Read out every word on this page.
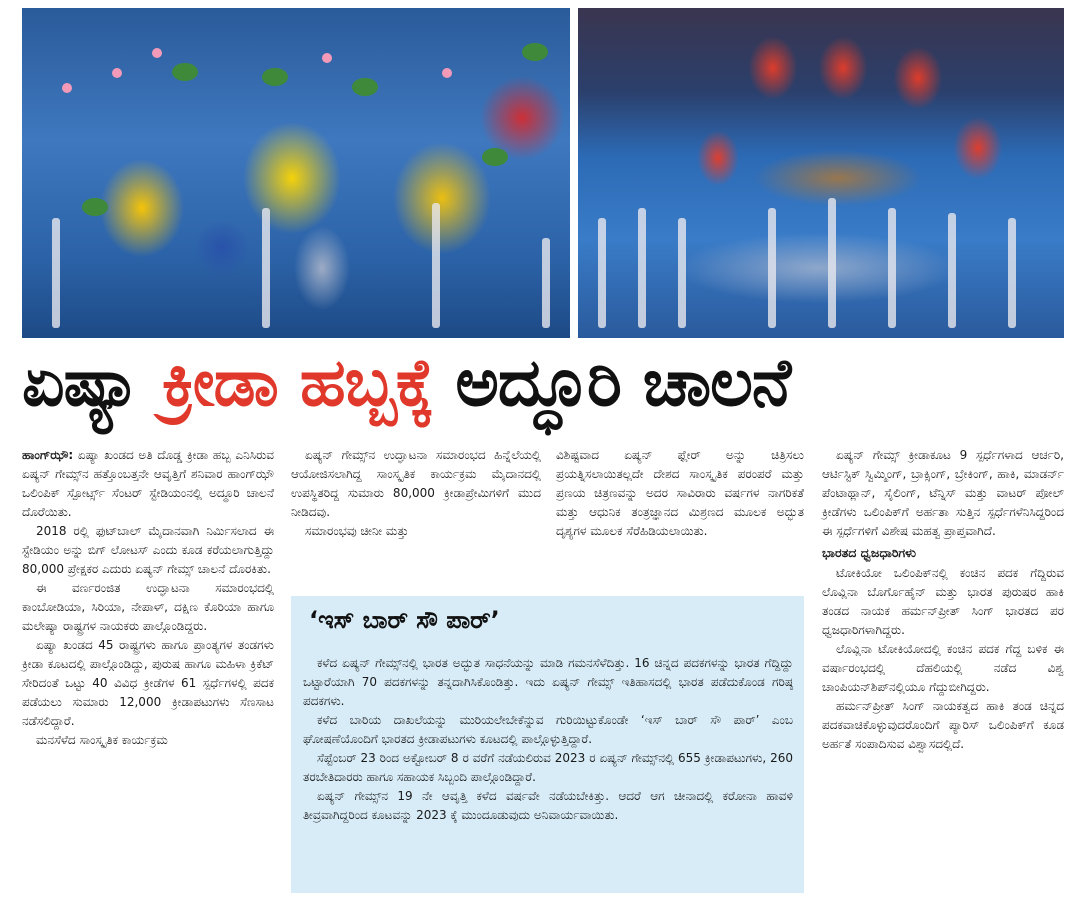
ಏಷ್ಯಾ ಕ್ರೀಡಾ ಹಬ್ಬಕ್ಕೆ ಅದ್ಧೂರಿ ಚಾಲನೆ

ಹಾಂಗ್‌ಝೌ: ಏಷ್ಯಾ ಖಂಡದ ಅತಿ ದೊಡ್ಡ ಕ್ರೀಡಾ ಹಬ್ಬ ಎನಿಸಿರುವ ಏಷ್ಯನ್ ಗೇಮ್ಸ್‌ನ ಹತ್ತೊಂಬತ್ತನೇ ಆವೃತ್ತಿಗೆ ಶನಿವಾರ ಹಾಂಗ್‌ಝೌ ಒಲಿಂಪಿಕ್ ಸ್ಪೋರ್ಟ್ಸ್ ಸೆಂಟರ್ ಸ್ಟೇಡಿಯಂನಲ್ಲಿ ಅದ್ಧೂರಿ ಚಾಲನೆ ದೊರೆಯಿತು.

2018 ರಲ್ಲಿ ಫುಟ್‌ಬಾಲ್ ಮೈದಾನವಾಗಿ ನಿರ್ಮಿಸಲಾದ ಈ ಸ್ಟೇಡಿಯಂ ಅನ್ನು ಬಿಗ್ ಲೋಟಸ್ ಎಂದು ಕೂಡ ಕರೆಯಲಾಗುತ್ತಿದ್ದು 80,000 ಪ್ರೇಕ್ಷಕರ ಎದುರು ಏಷ್ಯನ್ ಗೇಮ್ಸ್ ಚಾಲನೆ ದೊರಕಿತು.

ಈ ವರ್ಣರಂಜಿತ ಉದ್ಘಾಟನಾ ಸಮಾರಂಭದಲ್ಲಿ ಕಾಂಬೋಡಿಯಾ, ಸಿರಿಯಾ, ನೇಪಾಳ್, ದಕ್ಷಿಣ ಕೊರಿಯಾ ಹಾಗೂ ಮಲೇಷ್ಯಾ ರಾಷ್ಟ್ರಗಳ ನಾಯಕರು ಪಾಲ್ಗೊಂಡಿದ್ದರು.

ಏಷ್ಯಾ ಖಂಡದ 45 ರಾಷ್ಟ್ರಗಳು ಹಾಗೂ ಪ್ರಾಂತ್ಯಗಳ ತಂಡಗಳು ಕ್ರೀಡಾ ಕೂಟದಲ್ಲಿ ಪಾಲ್ಗೊಂಡಿದ್ದು, ಪುರುಷ ಹಾಗೂ ಮಹಿಳಾ ಕ್ರಿಕೆಟ್ ಸೇರಿದಂತೆ ಒಟ್ಟು 40 ವಿವಿಧ ಕ್ರೀಡೆಗಳ 61 ಸ್ಪರ್ಧೆಗಳಲ್ಲಿ ಪದಕ ಪಡೆಯಲು ಸುಮಾರು 12,000 ಕ್ರೀಡಾಪಟುಗಳು ಸೆಣಸಾಟ ನಡೆಸಲಿದ್ದಾರೆ.

ಮನಸೆಳೆದ ಸಾಂಸ್ಕೃತಿಕ ಕಾರ್ಯಕ್ರಮ

ಏಷ್ಯನ್ ಗೇಮ್ಸ್‌ನ ಉದ್ಘಾಟನಾ ಸಮಾರಂಭದ ಹಿನ್ನೆಲೆಯಲ್ಲಿ ಆಯೋಜಿಸಲಾಗಿದ್ದ ಸಾಂಸ್ಕೃತಿಕ ಕಾರ್ಯಕ್ರಮ ಮೈದಾನದಲ್ಲಿ ಉಪಸ್ಥಿತರಿದ್ದ ಸುಮಾರು 80,000 ಕ್ರೀಡಾಪ್ರೇಮಿಗಳಿಗೆ ಮುದ ನೀಡಿದವು.

ಸಮಾರಂಭವು ಚೀನೀ ಮತ್ತು

ವಿಶಿಷ್ಟವಾದ ಏಷ್ಯನ್ ಫ್ಲೇರ್ ಅನ್ನು ಚಿತ್ರಿಸಲು ಪ್ರಯತ್ನಿಸಲಾಯಿತಲ್ಲದೇ ದೇಶದ ಸಾಂಸ್ಕೃತಿಕ ಪರಂಪರೆ ಮತ್ತು ಪ್ರಣಯ ಚಿತ್ರಣವನ್ನು ಅದರ ಸಾವಿರಾರು ವರ್ಷಗಳ ನಾಗರಿಕತೆ ಮತ್ತು ಆಧುನಿಕ ತಂತ್ರಜ್ಞಾನದ ಮಿಶ್ರಣದ ಮೂಲಕ ಅದ್ಭುತ ದೃಶ್ಯಗಳ ಮೂಲಕ ಸೆರೆಹಿಡಿಯಲಾಯಿತು.

ಏಷ್ಯನ್ ಗೇಮ್ಸ್ ಕ್ರೀಡಾಕೂಟ 9 ಸ್ಪರ್ಧೆಗಳಾದ ಆರ್ಚರಿ, ಆರ್ಟಿಸ್ಟಿಕ್ ಸ್ವಿಮ್ಮಿಂಗ್, ಬ್ರಾಕ್ಸಿಂಗ್, ಬ್ರೇಕಿಂಗ್, ಹಾಕಿ, ಮಾಡರ್ನ್ ಪೆಂಟಾಥ್ಲಾನ್, ಸೈಲಿಂಗ್, ಟೆನ್ನಿಸ್ ಮತ್ತು ವಾಟರ್ ಪೋಲ್ ಕ್ರೀಡೆಗಳು ಒಲಿಂಪಿಕ್‌ಗೆ ಅರ್ಹತಾ ಸುತ್ತಿನ ಸ್ಪರ್ಧೆಗಳೆನಿಸಿದ್ದರಿಂದ ಈ ಸ್ಪರ್ಧೆಗಳಿಗೆ ವಿಶೇಷ ಮಹತ್ವ ಪ್ರಾಪ್ತವಾಗಿದೆ.

ಭಾರತದ ಧ್ವಜಧಾರಿಗಳು

ಟೋಕಿಯೋ ಒಲಿಂಪಿಕ್‌ನಲ್ಲಿ ಕಂಚಿನ ಪದಕ ಗೆದ್ದಿರುವ ಲೊವ್ಲಿನಾ ಬೊರ್ಗೊಹೈನ್ ಮತ್ತು ಭಾರತ ಪುರುಷರ ಹಾಕಿ ತಂಡದ ನಾಯಕ ಹರ್ಮನ್‌ಪ್ರೀತ್ ಸಿಂಗ್ ಭಾರತದ ಪರ ಧ್ವಜಧಾರಿಗಳಾಗಿದ್ದರು.

ಲೊವ್ಲಿನಾ ಟೋಕಿಯೋದಲ್ಲಿ ಕಂಚಿನ ಪದಕ ಗೆದ್ದ ಬಳಿಕ ಈ ವರ್ಷಾರಂಭದಲ್ಲಿ ದೆಹಲಿಯಲ್ಲಿ ನಡೆದ ವಿಶ್ವ ಚಾಂಪಿಯನ್‌ಶಿಪ್‌ನಲ್ಲಿಯೂ ಗೆದ್ದುಬೀಗಿದ್ದರು.

ಹರ್ಮನ್‌ಪ್ರೀತ್ ಸಿಂಗ್ ನಾಯಕತ್ವದ ಹಾಕಿ ತಂಡ ಚಿನ್ನದ ಪದಕವಾಚಿಕೊಳ್ಳುವುದರೊಂದಿಗೆ ಪ್ಯಾರಿಸ್ ಒಲಿಂಪಿಕ್‌ಗೆ ಕೂಡ ಅರ್ಹತೆ ಸಂಪಾದಿಸುವ ವಿಶ್ವಾಸದಲ್ಲಿದೆ.

‘ಇಸ್ ಬಾರ್ ಸೌ ಪಾರ್’

ಕಳೆದ ಏಷ್ಯನ್ ಗೇಮ್ಸ್‌ನಲ್ಲಿ ಭಾರತ ಅದ್ಭುತ ಸಾಧನೆಯನ್ನು ಮಾಡಿ ಗಮನಸೆಳೆದಿತ್ತು. 16 ಚಿನ್ನದ ಪದಕಗಳನ್ನು ಭಾರತ ಗೆದ್ದಿದ್ದು ಒಟ್ಟಾರೆಯಾಗಿ 70 ಪದಕಗಳನ್ನು ತನ್ನದಾಗಿಸಿಕೊಂಡಿತ್ತು. ಇದು ಏಷ್ಯನ್ ಗೇಮ್ಸ್ ಇತಿಹಾಸದಲ್ಲಿ ಭಾರತ ಪಡೆದುಕೊಂಡ ಗರಿಷ್ಠ ಪದಕಗಳು.

ಕಳೆದ ಬಾರಿಯ ದಾಖಲೆಯನ್ನು ಮುರಿಯಲೇಬೇಕೆನ್ನುವ ಗುರಿಯಿಟ್ಟುಕೊಂಡೇ ‘ಇಸ್ ಬಾರ್ ಸೌ ಪಾರ್’ ಎಂಬ ಘೋಷಣೆಯೊಂದಿಗೆ ಭಾರತದ ಕ್ರೀಡಾಪಟುಗಳು ಕೂಟದಲ್ಲಿ ಪಾಲ್ಗೊಳ್ಳುತ್ತಿದ್ದಾರೆ.

ಸೆಪ್ಟೆಂಬರ್ 23 ರಿಂದ ಅಕ್ಟೋಬರ್ 8 ರ ವರೆಗೆ ನಡೆಯಲಿರುವ 2023 ರ ಏಷ್ಯನ್ ಗೇಮ್ಸ್‌ನಲ್ಲಿ 655 ಕ್ರೀಡಾಪಟುಗಳು, 260 ತರಬೇತಿದಾರರು ಹಾಗೂ ಸಹಾಯಕ ಸಿಬ್ಬಂದಿ ಪಾಲ್ಗೊಂಡಿದ್ದಾರೆ.

ಏಷ್ಯನ್ ಗೇಮ್ಸ್‌ನ 19 ನೇ ಆವೃತ್ತಿ ಕಳೆದ ವರ್ಷವೇ ನಡೆಯಬೇಕಿತ್ತು. ಆದರೆ ಆಗ ಚೀನಾದಲ್ಲಿ ಕರೋನಾ ಹಾವಳಿ ತೀವ್ರವಾಗಿದ್ದರಿಂದ ಕೂಟವನ್ನು 2023 ಕ್ಕೆ ಮುಂದೂಡುವುದು ಅನಿವಾರ್ಯವಾಯಿತು.
